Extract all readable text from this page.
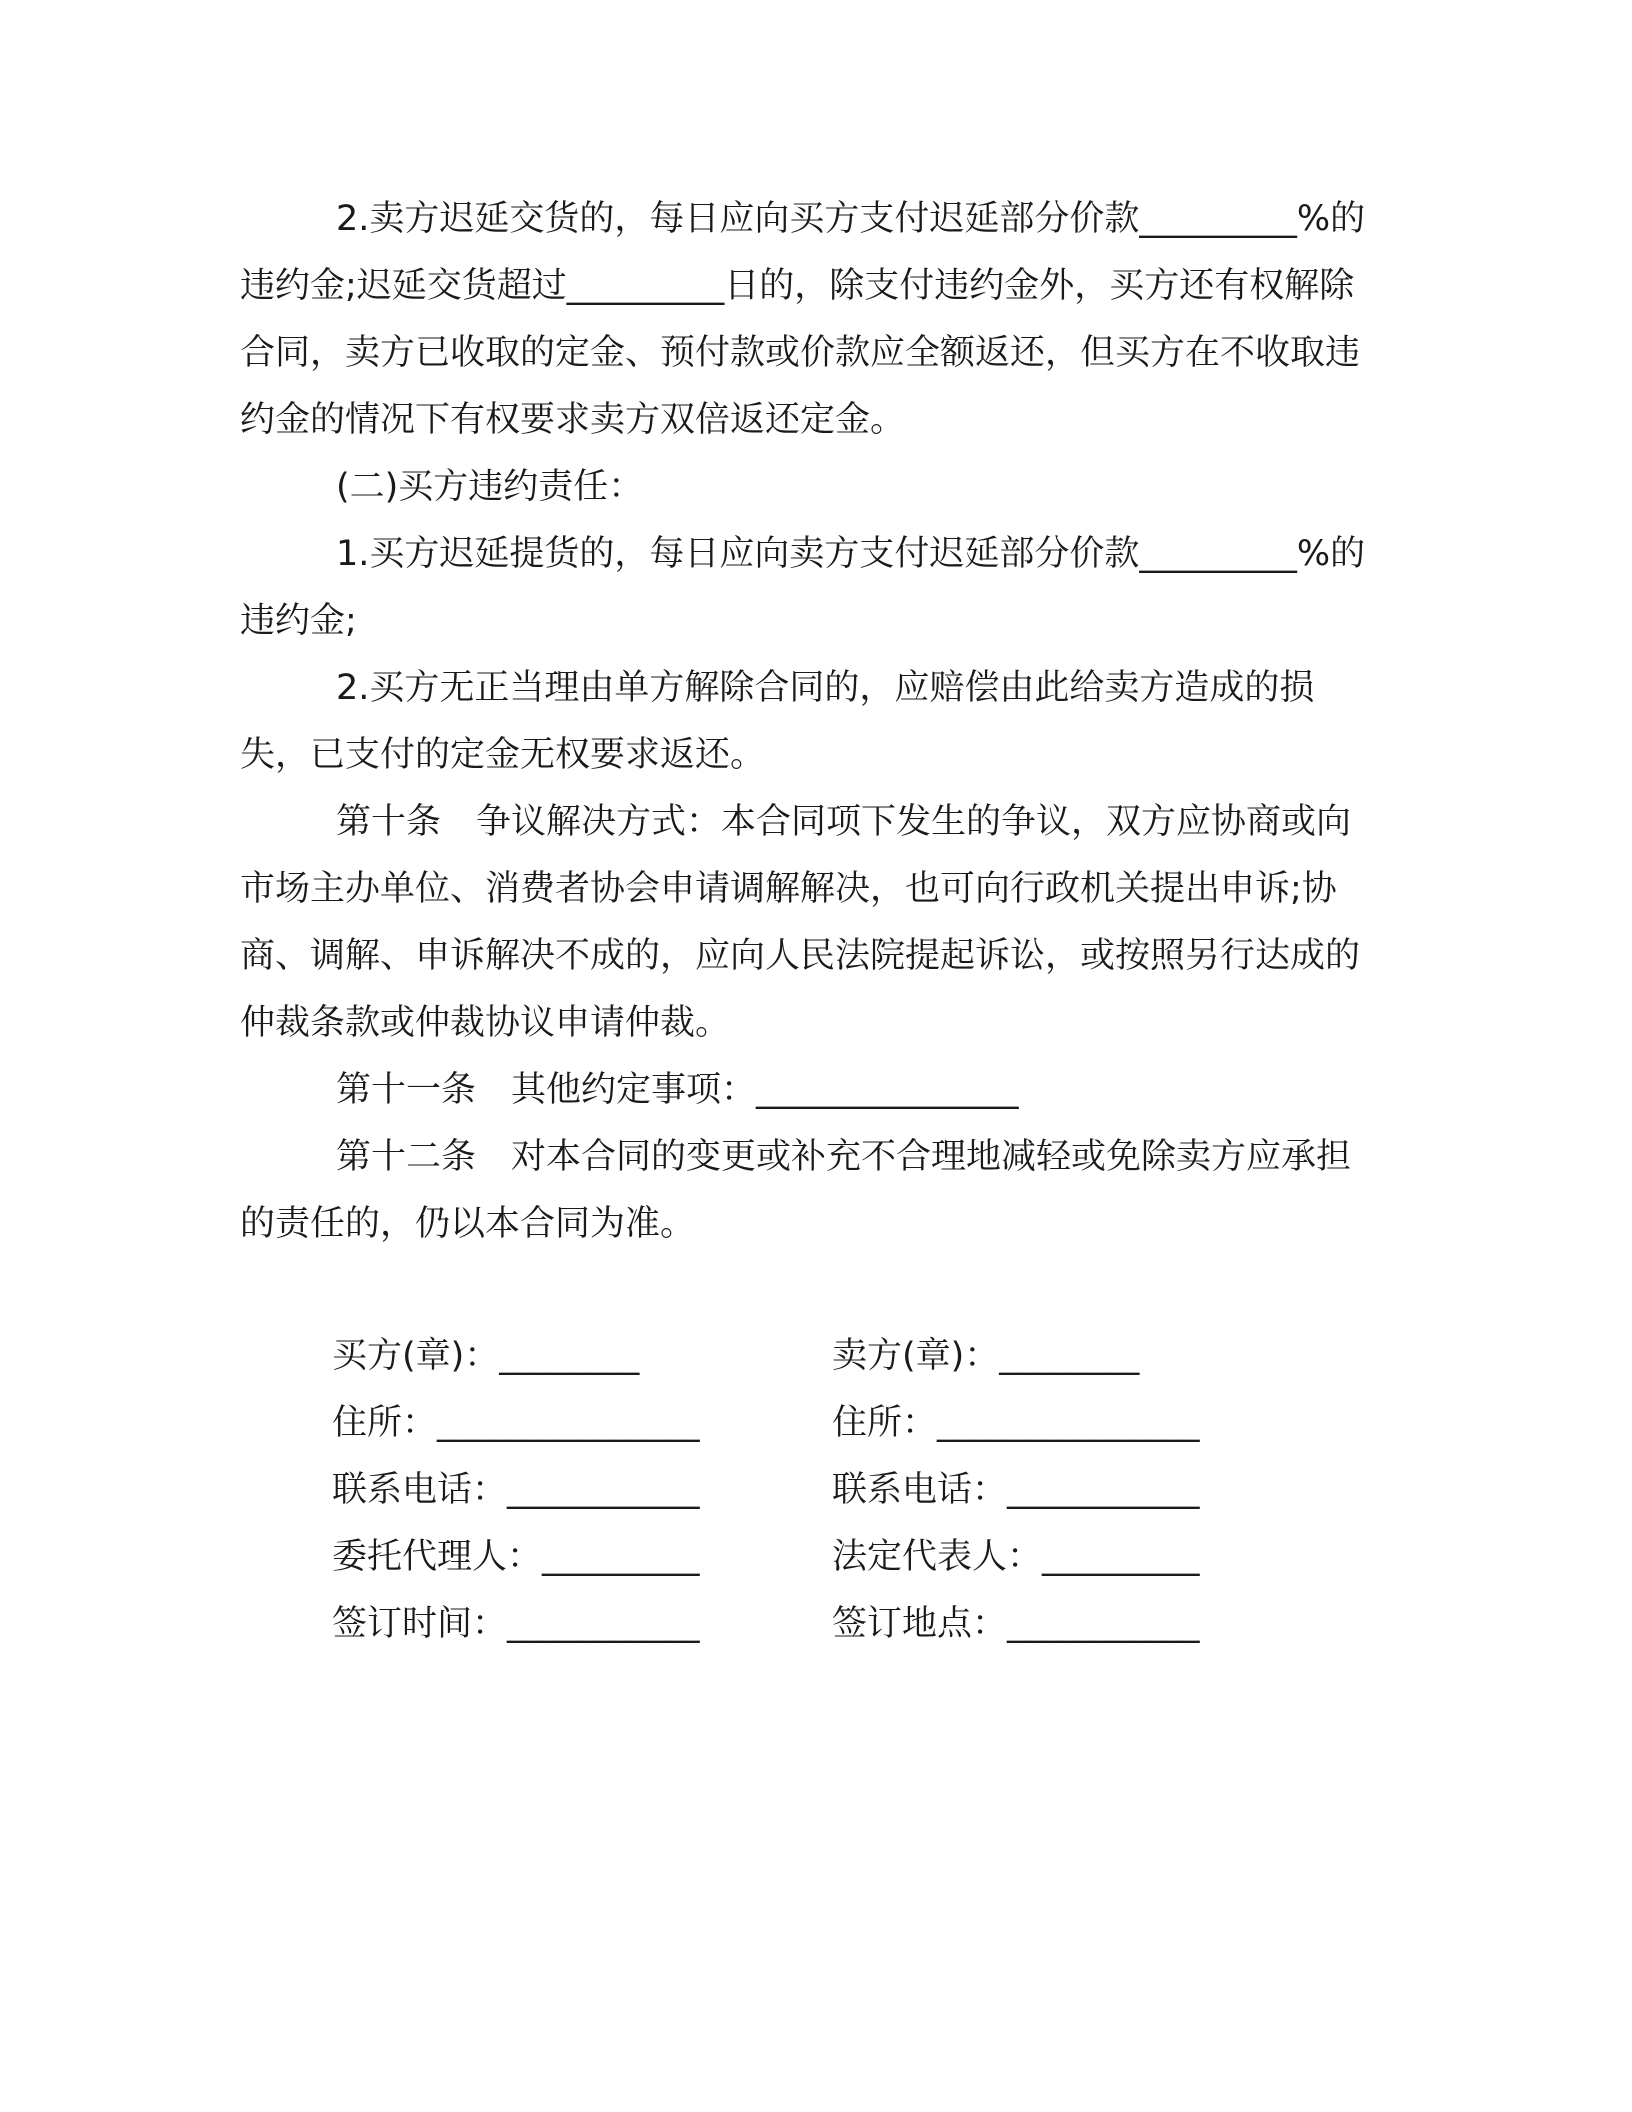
2.卖方迟延交货的，每日应向买方支付迟延部分价款_________%的违约金;迟延交货超过_________日的，除支付违约金外，买方还有权解除合同，卖方已收取的定金、预付款或价款应全额返还，但买方在不收取违约金的情况下有权要求卖方双倍返还定金。

(二)买方违约责任：

1.买方迟延提货的，每日应向卖方支付迟延部分价款_________%的违约金;

2.买方无正当理由单方解除合同的，应赔偿由此给卖方造成的损失，已支付的定金无权要求返还。

第十条　争议解决方式：本合同项下发生的争议，双方应协商或向市场主办单位、消费者协会申请调解解决，也可向行政机关提出申诉;协商、调解、申诉解决不成的，应向人民法院提起诉讼，或按照另行达成的仲裁条款或仲裁协议申请仲裁。

第十一条　其他约定事项：_______________

第十二条　对本合同的变更或补充不合理地减轻或免除卖方应承担的责任的，仍以本合同为准。

买方(章)：________	卖方(章)：________
住所：_______________	住所：_______________
联系电话：___________	联系电话：___________
委托代理人：_________	法定代表人：_________
签订时间：___________	签订地点：___________
